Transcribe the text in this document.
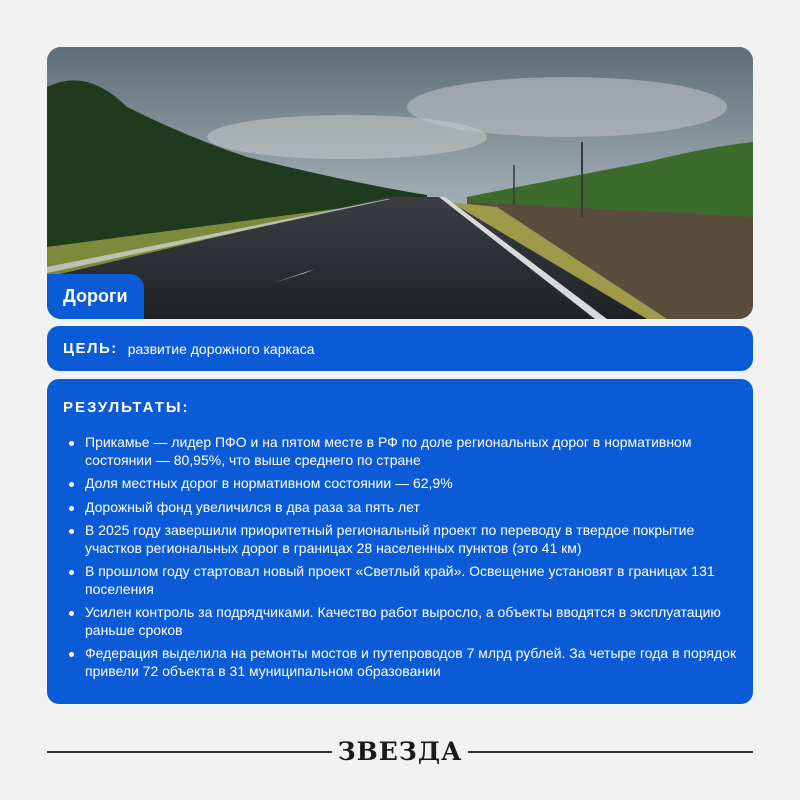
Дороги
ЦЕЛЬ: развитие дорожного каркаса
РЕЗУЛЬТАТЫ:
Прикамье — лидер ПФО и на пятом месте в РФ по доле региональных дорог в нормативном состоянии — 80,95%, что выше среднего по стране
Доля местных дорог в нормативном состоянии — 62,9%
Дорожный фонд увеличился в два раза за пять лет
В 2025 году завершили приоритетный региональный проект по переводу в твердое покрытие участков региональных дорог в границах 28 населенных пунктов (это 41 км)
В прошлом году стартовал новый проект «Светлый край». Освещение установят в границах 131 поселения
Усилен контроль за подрядчиками. Качество работ выросло, а объекты вводятся в эксплуатацию раньше сроков
Федерация выделила на ремонты мостов и путепроводов 7 млрд рублей. За четыре года в порядок привели 72 объекта в 31 муниципальном образовании
ЗВЕЗДА
